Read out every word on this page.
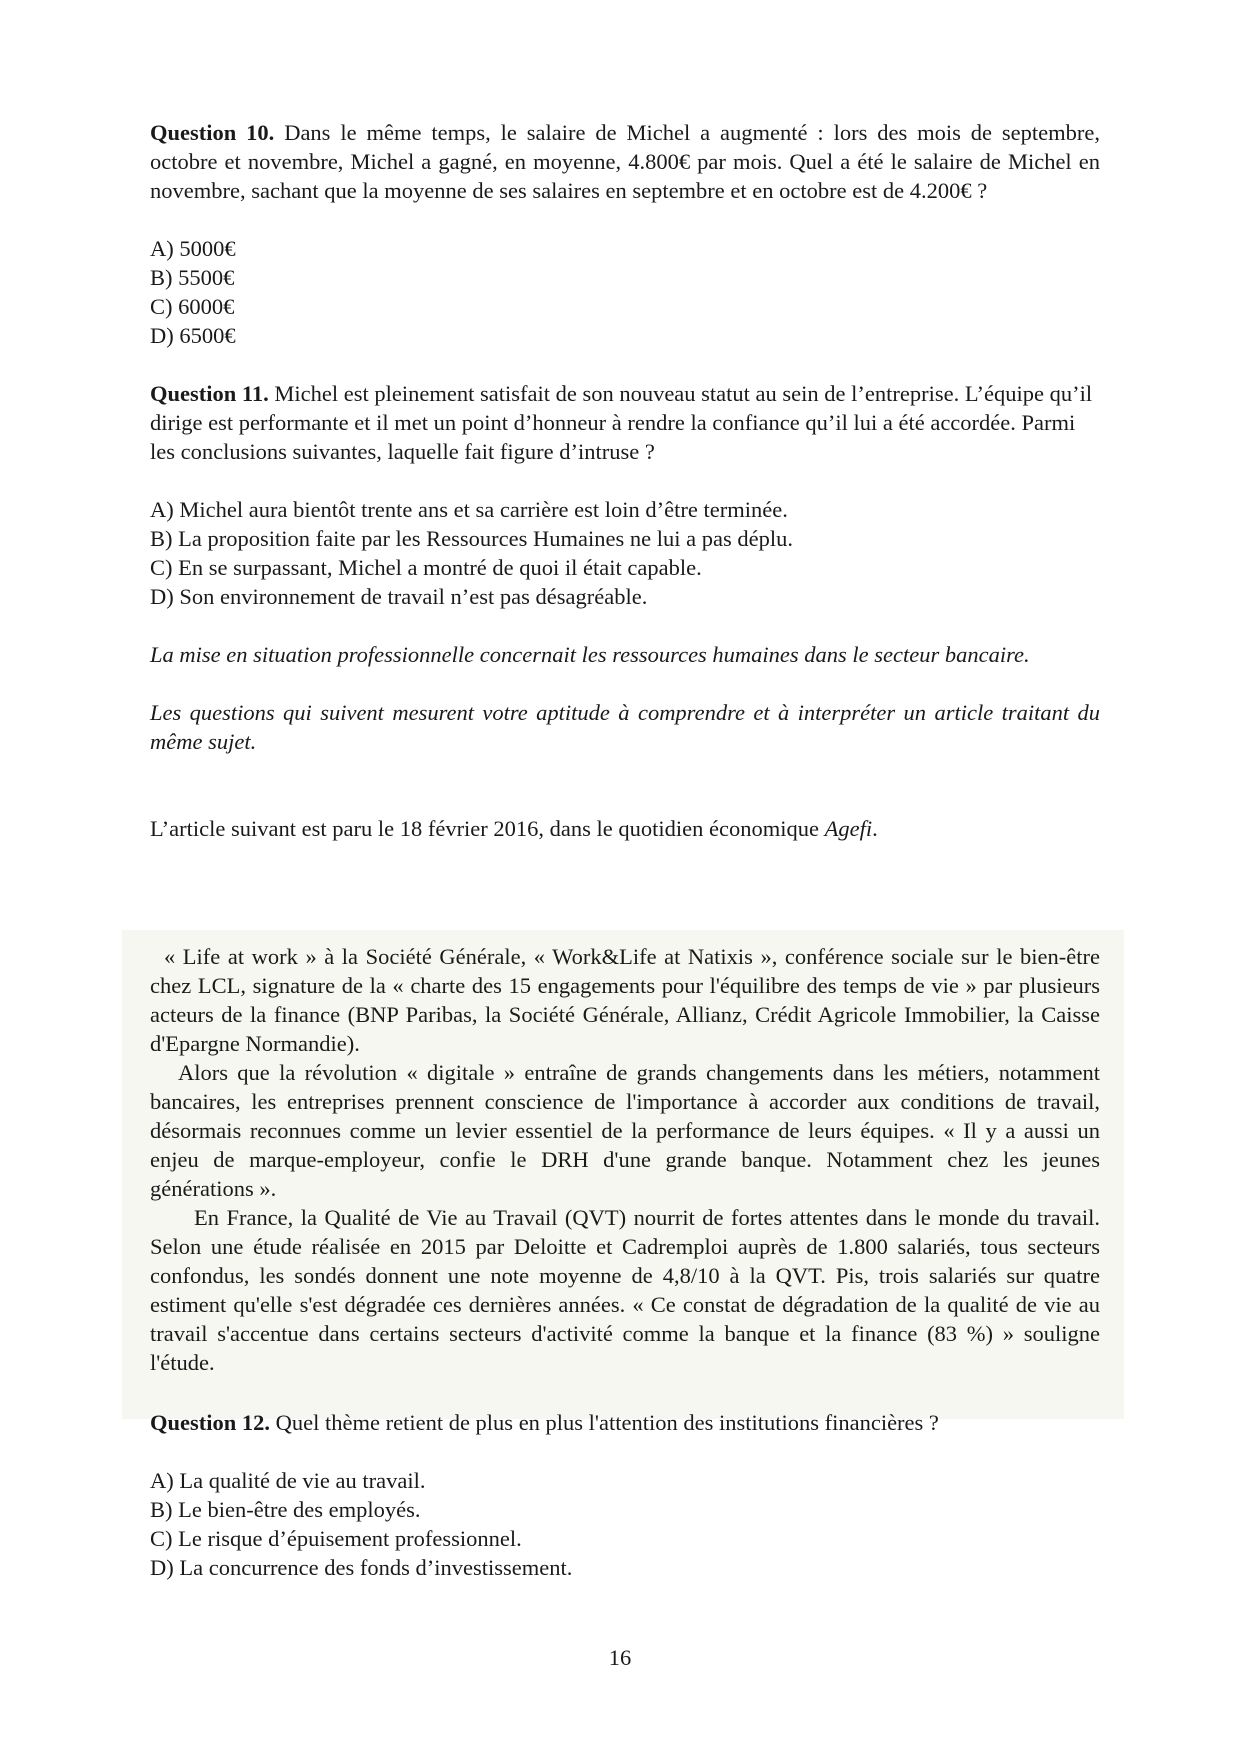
Question 10. Dans le même temps, le salaire de Michel a augmenté : lors des mois de septembre, octobre et novembre, Michel a gagné, en moyenne, 4.800€ par mois. Quel a été le salaire de Michel en novembre, sachant que la moyenne de ses salaires en septembre et en octobre est de 4.200€ ?

A) 5000€
B) 5500€
C) 6000€
D) 6500€

Question 11. Michel est pleinement satisfait de son nouveau statut au sein de l’entreprise. L’équipe qu’il dirige est performante et il met un point d’honneur à rendre la confiance qu’il lui a été accordée. Parmi les conclusions suivantes, laquelle fait figure d’intruse ?

A) Michel aura bientôt trente ans et sa carrière est loin d’être terminée.
B) La proposition faite par les Ressources Humaines ne lui a pas déplu.
C) En se surpassant, Michel a montré de quoi il était capable.
D) Son environnement de travail n’est pas désagréable.

La mise en situation professionnelle concernait les ressources humaines dans le secteur bancaire.

Les questions qui suivent mesurent votre aptitude à comprendre et à interpréter un article traitant du même sujet.

L’article suivant est paru le 18 février 2016, dans le quotidien économique Agefi.

« Life at work » à la Société Générale, « Work&Life at Natixis », conférence sociale sur le bien-être chez LCL, signature de la « charte des 15 engagements pour l'équilibre des temps de vie » par plusieurs acteurs de la finance (BNP Paribas, la Société Générale, Allianz, Crédit Agricole Immobilier, la Caisse d'Epargne Normandie).

Alors que la révolution « digitale » entraîne de grands changements dans les métiers, notamment bancaires, les entreprises prennent conscience de l'importance à accorder aux conditions de travail, désormais reconnues comme un levier essentiel de la performance de leurs équipes. « Il y a aussi un enjeu de marque-employeur, confie le DRH d'une grande banque. Notamment chez les jeunes générations ».

En France, la Qualité de Vie au Travail (QVT) nourrit de fortes attentes dans le monde du travail. Selon une étude réalisée en 2015 par Deloitte et Cadremploi auprès de 1.800 salariés, tous secteurs confondus, les sondés donnent une note moyenne de 4,8/10 à la QVT. Pis, trois salariés sur quatre estiment qu'elle s'est dégradée ces dernières années. « Ce constat de dégradation de la qualité de vie au travail s'accentue dans certains secteurs d'activité comme la banque et la finance (83 %) » souligne l'étude.

Question 12. Quel thème retient de plus en plus l'attention des institutions financières ?

A) La qualité de vie au travail.
B) Le bien-être des employés.
C) Le risque d’épuisement professionnel.
D) La concurrence des fonds d’investissement.
16
